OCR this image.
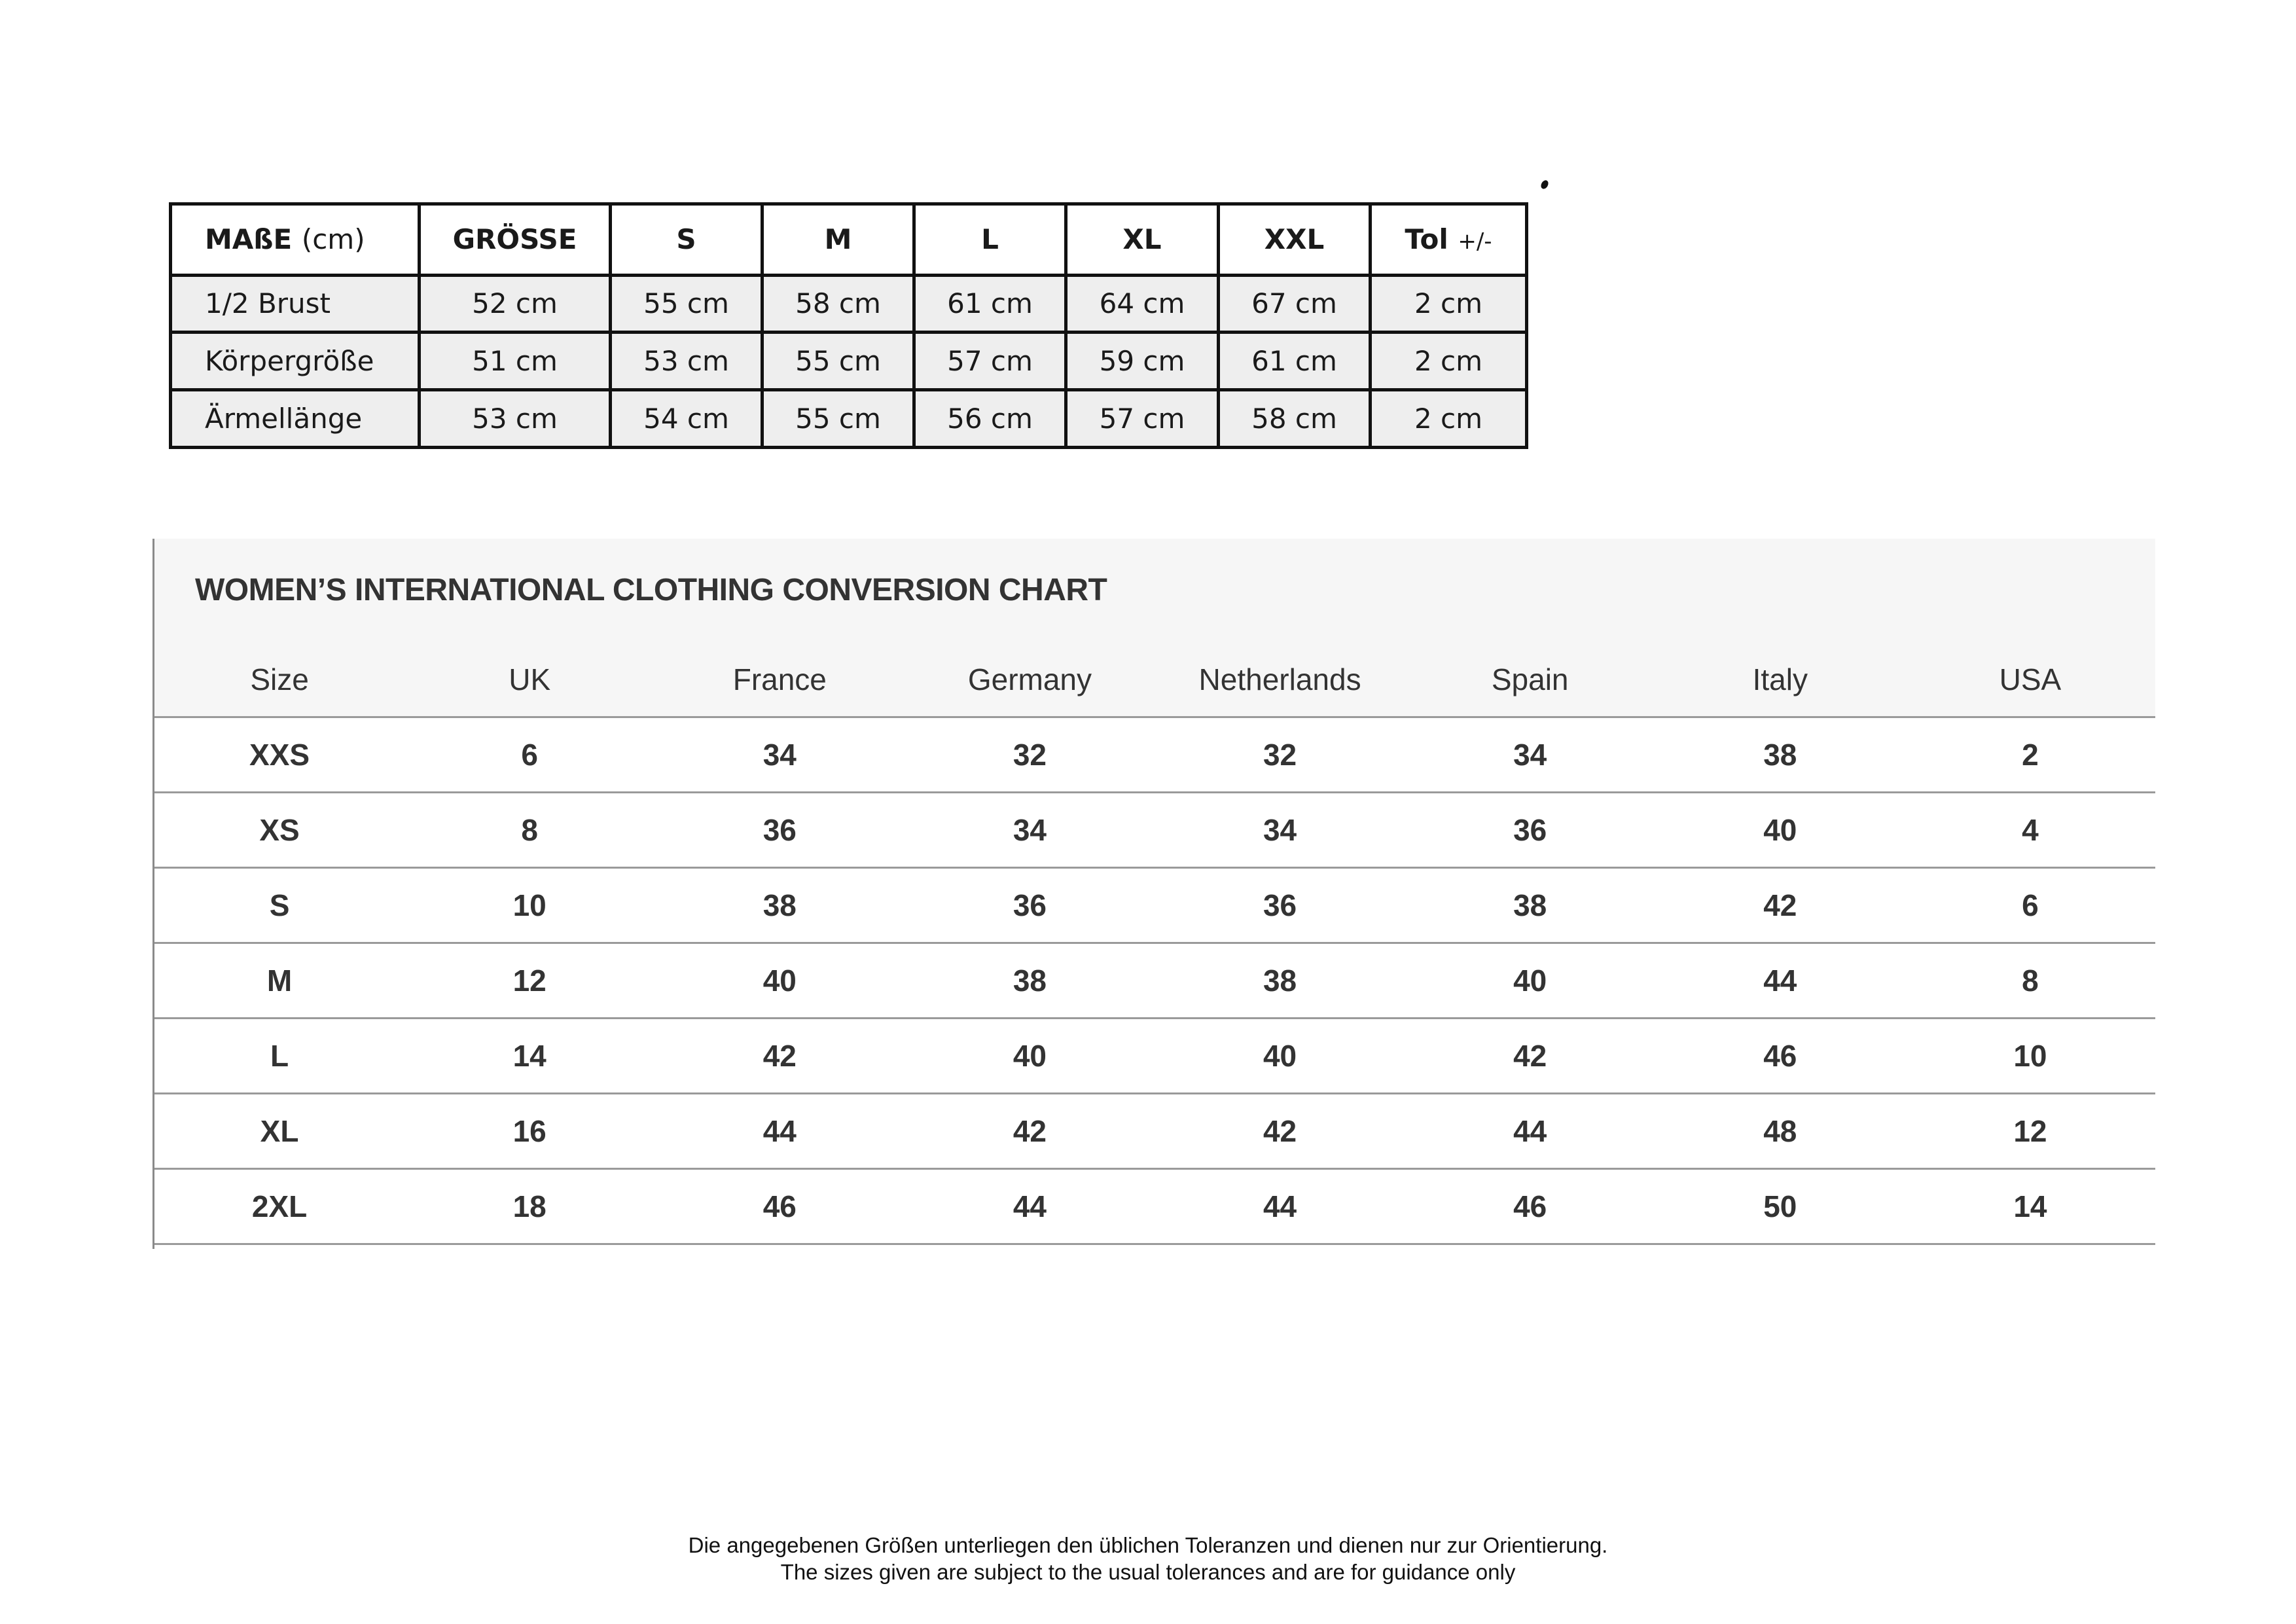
MAßE (cm)	GRÖSSE	S	M	L	XL	XXL	Tol +/-
1/2 Brust	52 cm	55 cm	58 cm	61 cm	64 cm	67 cm	2 cm
Körpergröße	51 cm	53 cm	55 cm	57 cm	59 cm	61 cm	2 cm
Ärmellänge	53 cm	54 cm	55 cm	56 cm	57 cm	58 cm	2 cm
WOMEN’S INTERNATIONAL CLOTHING CONVERSION CHART
Size	UK	France	Germany	Netherlands	Spain	Italy	USA
XXS	6	34	32	32	34	38	2
XS	8	36	34	34	36	40	4
S	10	38	36	36	38	42	6
M	12	40	38	38	40	44	8
L	14	42	40	40	42	46	10
XL	16	44	42	42	44	48	12
2XL	18	46	44	44	46	50	14
Die angegebenen Größen unterliegen den üblichen Toleranzen und dienen nur zur Orientierung.
The sizes given are subject to the usual tolerances and are for guidance only
